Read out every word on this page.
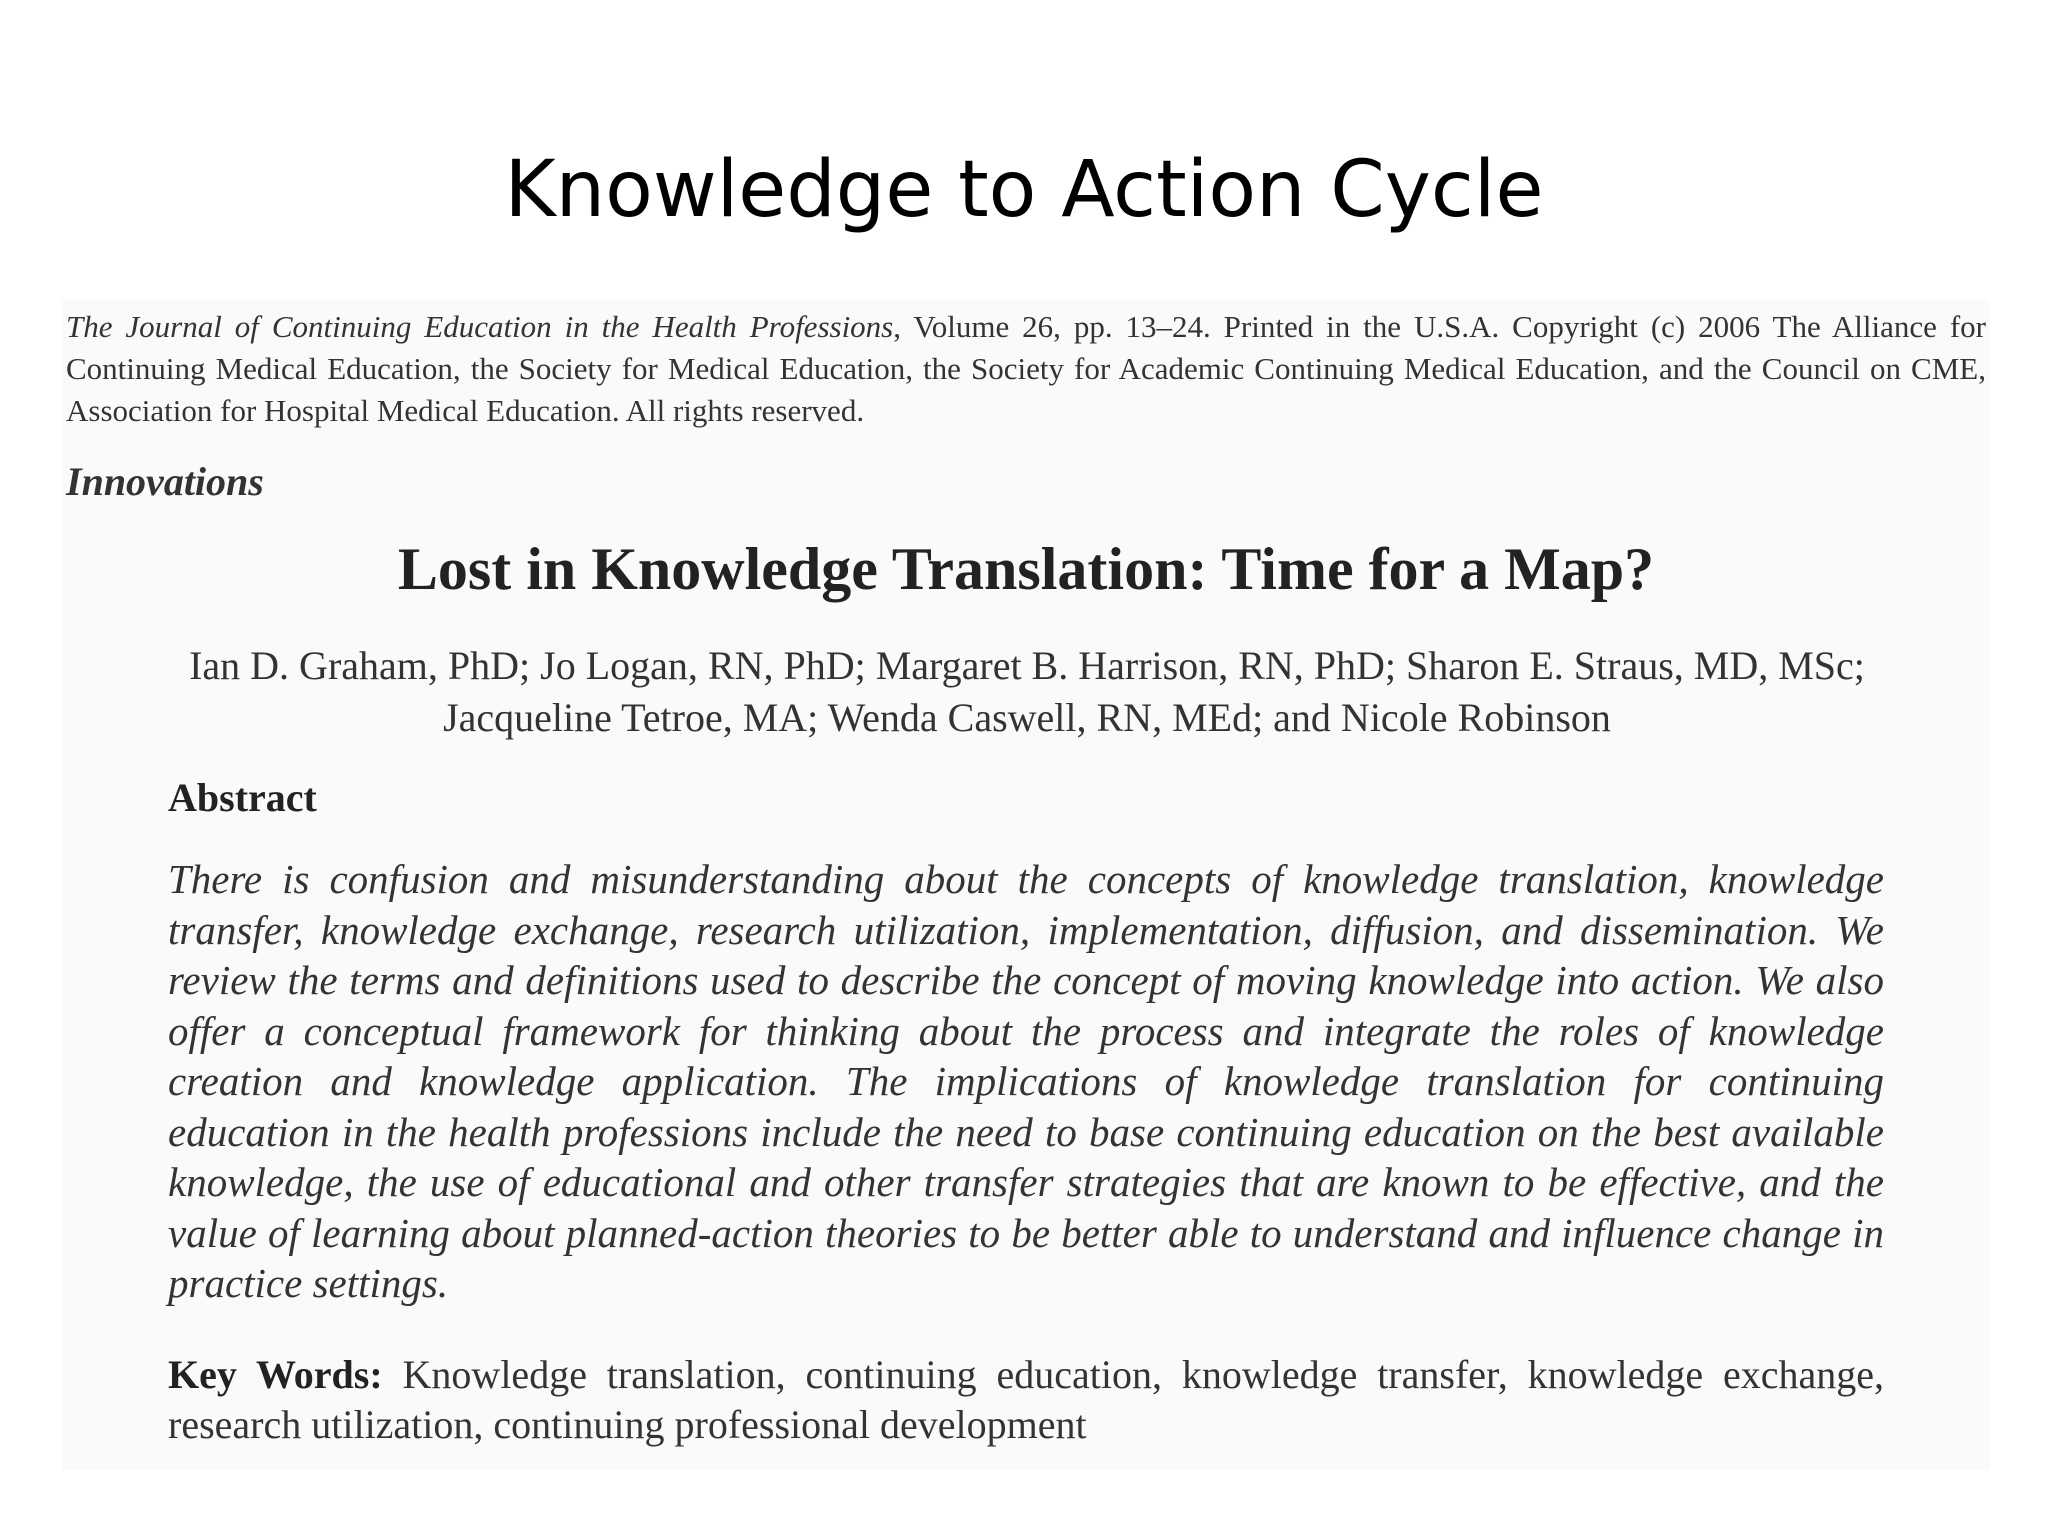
Knowledge to Action Cycle
The Journal of Continuing Education in the Health Professions, Volume 26, pp. 13–24. Printed in the U.S.A. Copyright (c) 2006 The Alliance for Continuing Medical Education, the Society for Medical Education, the Society for Academic Continuing Medical Education, and the Council on CME, Association for Hospital Medical Education. All rights reserved.
Innovations
Lost in Knowledge Translation: Time for a Map?
Ian D. Graham, PhD; Jo Logan, RN, PhD; Margaret B. Harrison, RN, PhD; Sharon E. Straus, MD, MSc; Jacqueline Tetroe, MA; Wenda Caswell, RN, MEd; and Nicole Robinson
Abstract
There is confusion and misunderstanding about the concepts of knowledge translation, knowledge transfer, knowledge exchange, research utilization, implementation, diffusion, and dissemination. We review the terms and definitions used to describe the concept of moving knowledge into action. We also offer a conceptual framework for thinking about the process and integrate the roles of knowledge creation and knowledge application. The implications of knowledge translation for continuing education in the health professions include the need to base continuing education on the best available knowledge, the use of educational and other transfer strategies that are known to be effective, and the value of learning about planned-action theories to be better able to understand and influence change in practice settings.
Key Words: Knowledge translation, continuing education, knowledge transfer, knowledge exchange, research utilization, continuing professional development
